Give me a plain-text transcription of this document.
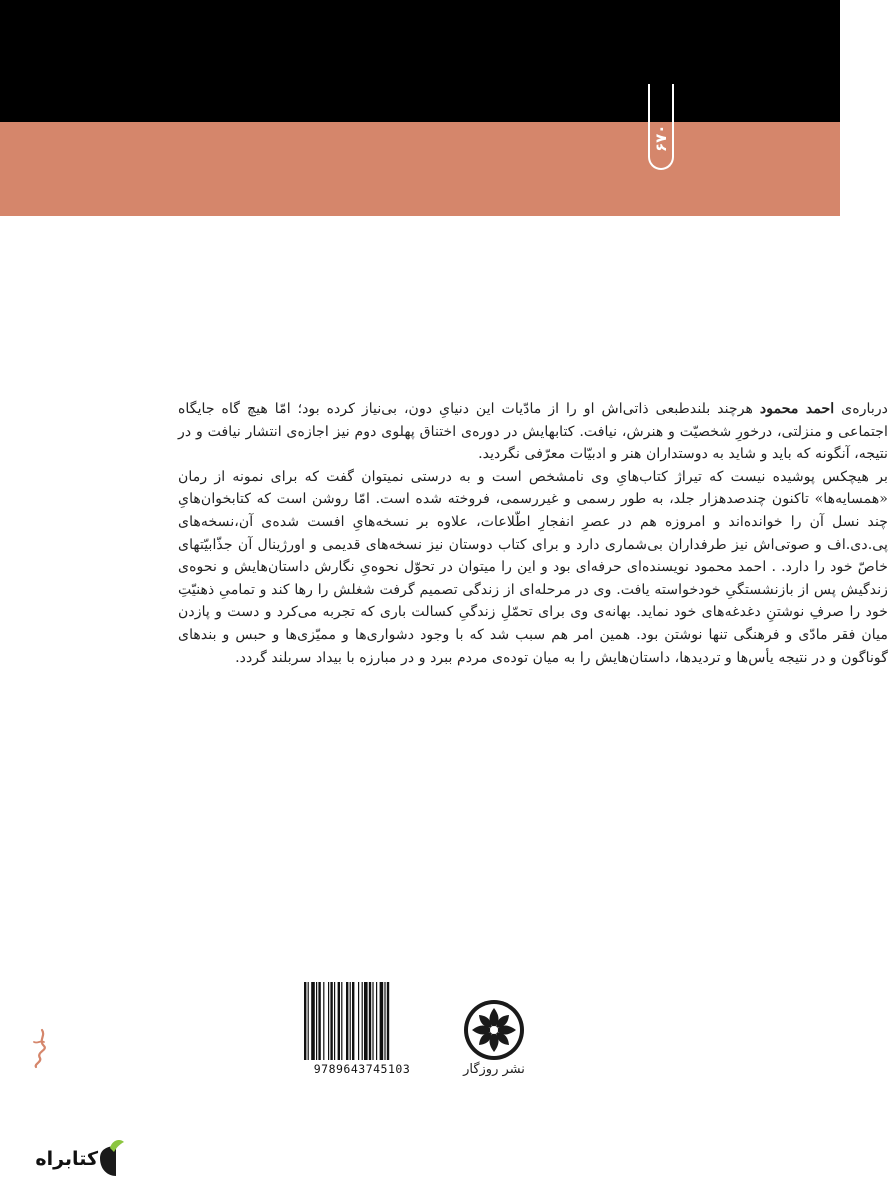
۶۷۰

درباره‌ی احمد محمود هرچند بلندطبعی ذاتی‌اش او را از مادّیات این دنیایِ دون، بی‌نیاز کرده بود؛ امّا هیچ گاه جایگاه اجتماعی و منزلتی، درخورِ شخصیّت و هنرش، نیافت. کتابهایش در دوره‌ی اختناق پهلوی دوم نیز اجازه‌ی انتشار نیافت و در نتیجه، آنگونه که باید و شاید به دوستداران هنر و ادبیّات معرّفی نگردید.

بر هیچکس پوشیده نیست که تیراژ کتاب‌هایِ وی نامشخص است و به درستی نمیتوان گفت که برای نمونه از رمان «همسایه‌ها» تاکنون چندصدهزار جلد، به طور رسمی و غیررسمی، فروخته شده است. امّا روشن است که کتابخوان‌هایِ چند نسل آن را خوانده‌اند و امروزه هم در عصرِ انفجارِ اطّلاعات، علاوه بر نسخه‌هایِ افست شده‌ی آن،نسخه‌های پی.دی.اف و صوتی‌اش نیز طرفداران بی‌شماری دارد و برای کتاب دوستان نیز نسخه‌های قدیمی و اورژینال آن جذّابیّتهای خاصّ خود را دارد. . احمد محمود نویسنده‌ای حرفه‌ای بود و این را میتوان در تحوّل نحوه‌یِ نگارش داستان‌هایش و نحوه‌ی زندگیش پس از بازنشستگیِ خودخواسته یافت. وی در مرحله‌ای از زندگی تصمیم گرفت شغلش را رها کند و تمامیِ ذهنیّتِ خود را صرفِ نوشتنِ دغدغه‌های خود نماید. بهانه‌ی وی برای تحمّلِ زندگیِ کسالت باری که تجربه می‌کرد و دست و پازدن میان فقر مادّی و فرهنگی تنها نوشتن بود. همین امر هم سبب شد که با وجود دشواری‌ها و ممیّزی‌ها و حبس و بندهای گوناگون و در نتیجه یأس‌ها و تردیدها، داستان‌هایش را به میان توده‌ی مردم ببرد و در مبارزه با بیداد سربلند گردد.

9789643745103	نشر روزگار
کتابراه
